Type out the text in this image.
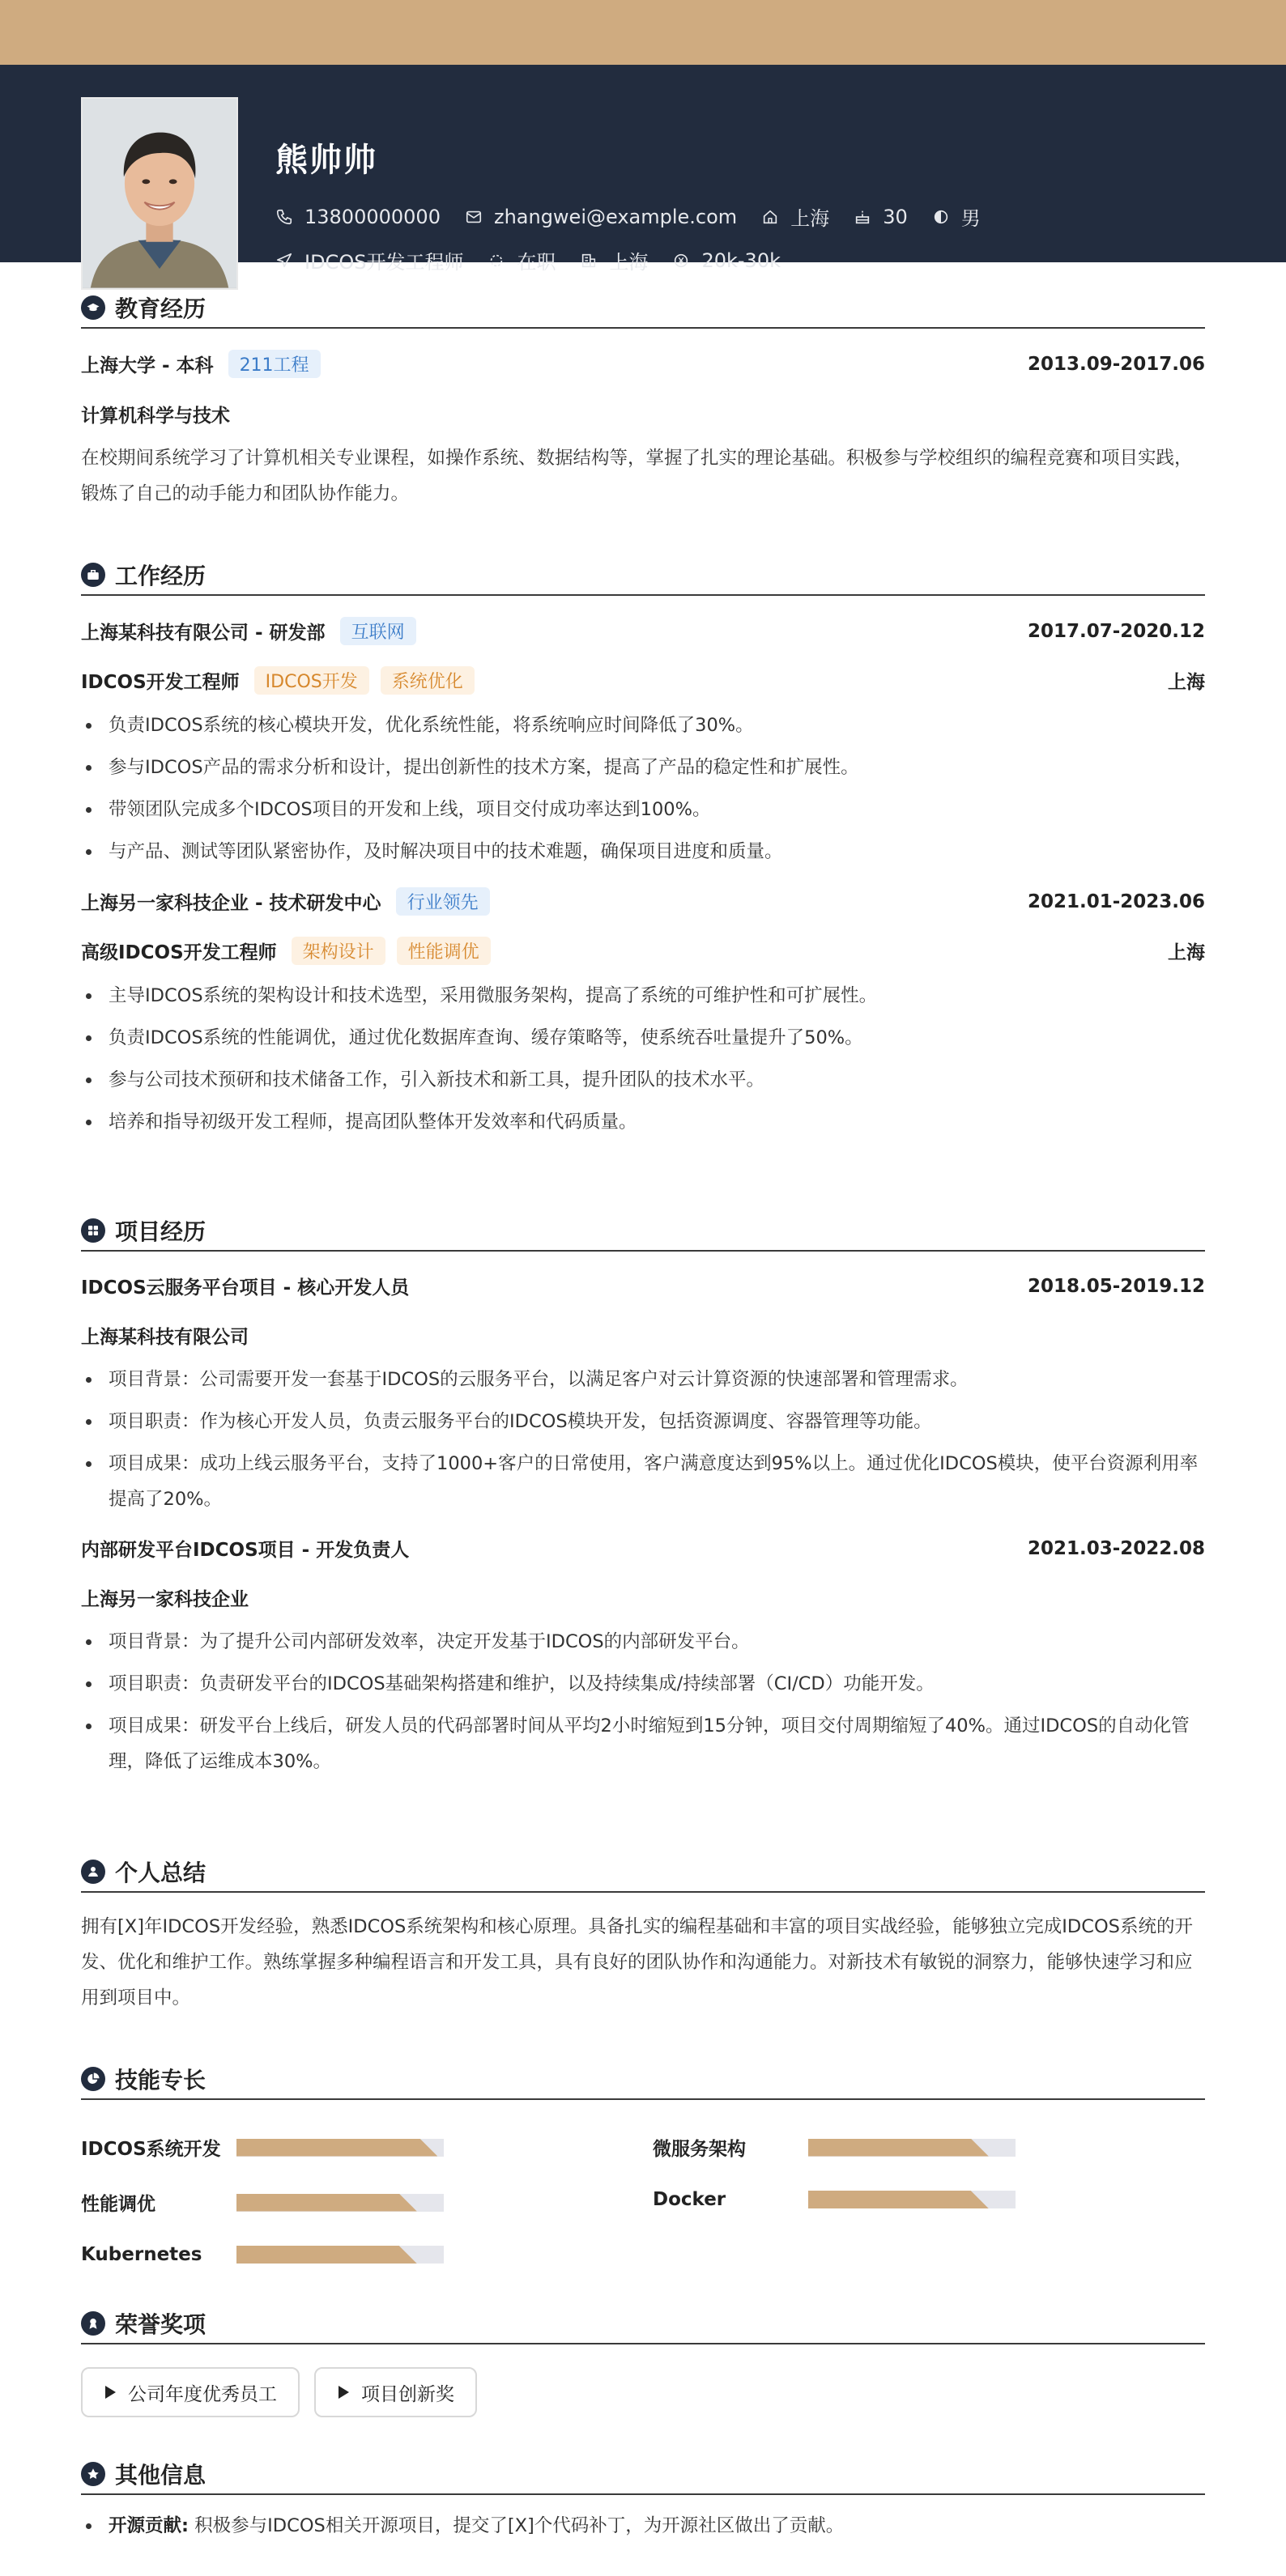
熊帅帅
13800000000	zhangwei@example.com	上海	30	男
IDCOS开发工程师	在职	上海	20k-30k
教育经历
上海大学 - 本科	211工程	2013.09-2017.06
计算机科学与技术
在校期间系统学习了计算机相关专业课程，如操作系统、数据结构等，掌握了扎实的理论基础。积极参与学校组织的编程竞赛和项目实践，锻炼了自己的动手能力和团队协作能力。
工作经历
上海某科技有限公司 - 研发部	互联网	2017.07-2020.12
IDCOS开发工程师	IDCOS开发	系统优化	上海
负责IDCOS系统的核心模块开发，优化系统性能，将系统响应时间降低了30%。
参与IDCOS产品的需求分析和设计，提出创新性的技术方案，提高了产品的稳定性和扩展性。
带领团队完成多个IDCOS项目的开发和上线，项目交付成功率达到100%。
与产品、测试等团队紧密协作，及时解决项目中的技术难题，确保项目进度和质量。
上海另一家科技企业 - 技术研发中心	行业领先	2021.01-2023.06
高级IDCOS开发工程师	架构设计	性能调优	上海
主导IDCOS系统的架构设计和技术选型，采用微服务架构，提高了系统的可维护性和可扩展性。
负责IDCOS系统的性能调优，通过优化数据库查询、缓存策略等，使系统吞吐量提升了50%。
参与公司技术预研和技术储备工作，引入新技术和新工具，提升团队的技术水平。
培养和指导初级开发工程师，提高团队整体开发效率和代码质量。
项目经历
IDCOS云服务平台项目 - 核心开发人员	2018.05-2019.12
上海某科技有限公司
项目背景：公司需要开发一套基于IDCOS的云服务平台，以满足客户对云计算资源的快速部署和管理需求。
项目职责：作为核心开发人员，负责云服务平台的IDCOS模块开发，包括资源调度、容器管理等功能。
项目成果：成功上线云服务平台，支持了1000+客户的日常使用，客户满意度达到95%以上。通过优化IDCOS模块，使平台资源利用率提高了20%。
内部研发平台IDCOS项目 - 开发负责人	2021.03-2022.08
上海另一家科技企业
项目背景：为了提升公司内部研发效率，决定开发基于IDCOS的内部研发平台。
项目职责：负责研发平台的IDCOS基础架构搭建和维护，以及持续集成/持续部署（CI/CD）功能开发。
项目成果：研发平台上线后，研发人员的代码部署时间从平均2小时缩短到15分钟，项目交付周期缩短了40%。通过IDCOS的自动化管理，降低了运维成本30%。
个人总结
拥有[X]年IDCOS开发经验，熟悉IDCOS系统架构和核心原理。具备扎实的编程基础和丰富的项目实战经验，能够独立完成IDCOS系统的开发、优化和维护工作。熟练掌握多种编程语言和开发工具，具有良好的团队协作和沟通能力。对新技术有敏锐的洞察力，能够快速学习和应用到项目中。
技能专长
IDCOS系统开发	微服务架构
性能调优	Docker
Kubernetes
荣誉奖项
公司年度优秀员工	项目创新奖
其他信息
开源贡献: 积极参与IDCOS相关开源项目，提交了[X]个代码补丁，为开源社区做出了贡献。
